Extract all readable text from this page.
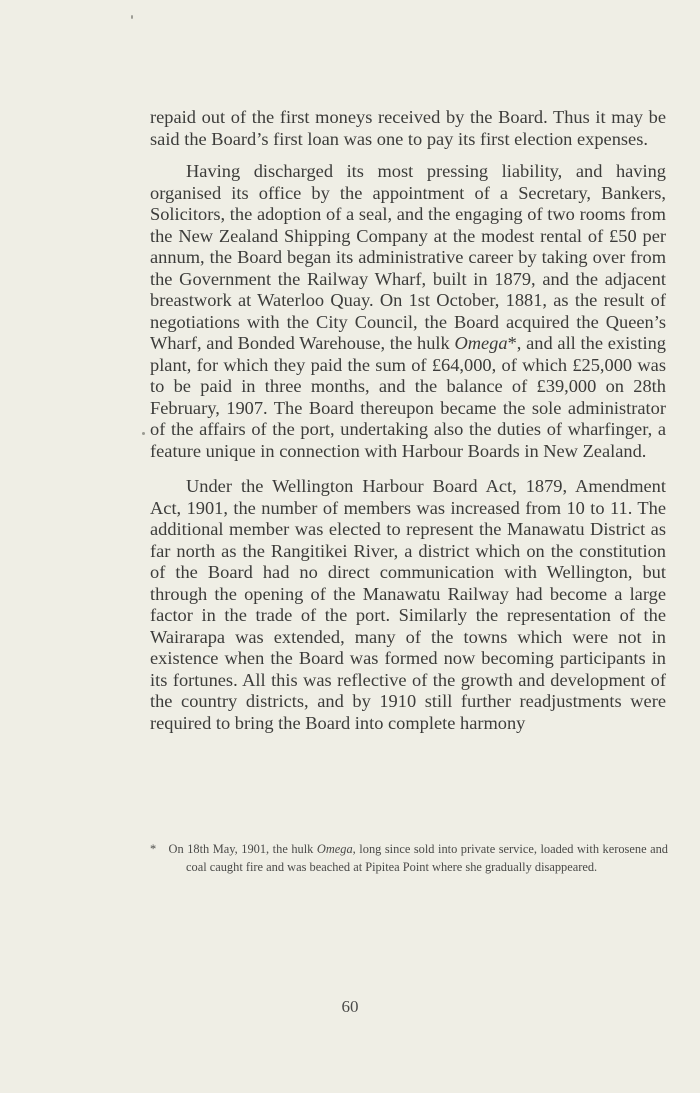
repaid out of the first moneys received by the Board. Thus it may be said the Board’s first loan was one to pay its first election expenses.

Having discharged its most pressing liability, and having organised its office by the appointment of a Secretary, Bankers, Solicitors, the adoption of a seal, and the engaging of two rooms from the New Zealand Shipping Company at the modest rental of £50 per annum, the Board began its administrative career by taking over from the Government the Railway Wharf, built in 1879, and the adjacent breastwork at Waterloo Quay. On 1st October, 1881, as the result of negotiations with the City Council, the Board acquired the Queen’s Wharf, and Bonded Warehouse, the hulk Omega*, and all the existing plant, for which they paid the sum of £64,000, of which £25,000 was to be paid in three months, and the balance of £39,000 on 28th February, 1907. The Board thereupon became the sole administrator of the affairs of the port, undertaking also the duties of wharfinger, a feature unique in connection with Harbour Boards in New Zealand.

Under the Wellington Harbour Board Act, 1879, Amendment Act, 1901, the number of members was increased from 10 to 11. The additional member was elected to represent the Manawatu District as far north as the Rangitikei River, a district which on the constitution of the Board had no direct communication with Wellington, but through the opening of the Manawatu Railway had become a large factor in the trade of the port. Similarly the representation of the Wairarapa was extended, many of the towns which were not in existence when the Board was formed now becoming participants in its fortunes. All this was reflective of the growth and development of the country districts, and by 1910 still further readjustments were required to bring the Board into complete harmony

* On 18th May, 1901, the hulk Omega, long since sold into private service, loaded with kerosene and coal caught fire and was beached at Pipitea Point where she gradually disappeared.
60
